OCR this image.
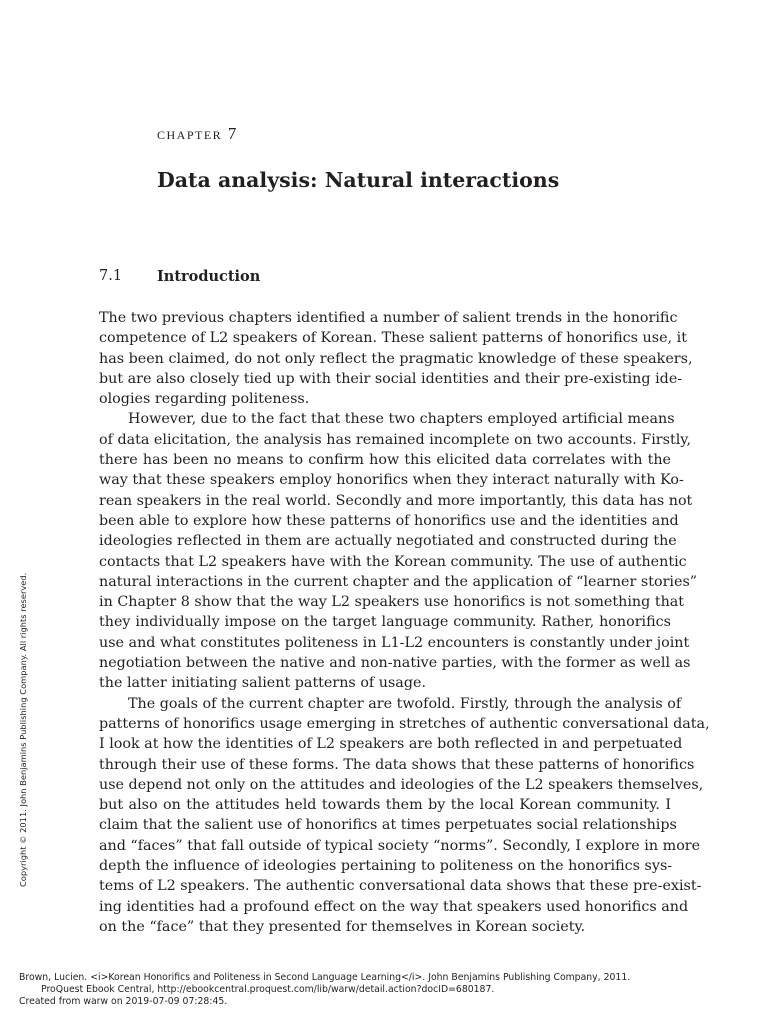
chapter 7
Data analysis: Natural interactions
7.1 Introduction
The two previous chapters identified a number of salient trends in the honorific
competence of L2 speakers of Korean. These salient patterns of honorifics use, it
has been claimed, do not only reflect the pragmatic knowledge of these speakers,
but are also closely tied up with their social identities and their pre-existing ide-
ologies regarding politeness.
However, due to the fact that these two chapters employed artificial means
of data elicitation, the analysis has remained incomplete on two accounts. Firstly,
there has been no means to confirm how this elicited data correlates with the
way that these speakers employ honorifics when they interact naturally with Ko-
rean speakers in the real world. Secondly and more importantly, this data has not
been able to explore how these patterns of honorifics use and the identities and
ideologies reflected in them are actually negotiated and constructed during the
contacts that L2 speakers have with the Korean community. The use of authentic
natural interactions in the current chapter and the application of “learner stories”
in Chapter 8 show that the way L2 speakers use honorifics is not something that
they individually impose on the target language community. Rather, honorifics
use and what constitutes politeness in L1-L2 encounters is constantly under joint
negotiation between the native and non-native parties, with the former as well as
the latter initiating salient patterns of usage.
The goals of the current chapter are twofold. Firstly, through the analysis of
patterns of honorifics usage emerging in stretches of authentic conversational data,
I look at how the identities of L2 speakers are both reflected in and perpetuated
through their use of these forms. The data shows that these patterns of honorifics
use depend not only on the attitudes and ideologies of the L2 speakers themselves,
but also on the attitudes held towards them by the local Korean community. I
claim that the salient use of honorifics at times perpetuates social relationships
and “faces” that fall outside of typical society “norms”. Secondly, I explore in more
depth the influence of ideologies pertaining to politeness on the honorifics sys-
tems of L2 speakers. The authentic conversational data shows that these pre-exist-
ing identities had a profound effect on the way that speakers used honorifics and
on the “face” that they presented for themselves in Korean society.
Copyright © 2011. John Benjamins Publishing Company. All rights reserved.
Brown, Lucien. <i>Korean Honorifics and Politeness in Second Language Learning</i>. John Benjamins Publishing Company, 2011.
ProQuest Ebook Central, http://ebookcentral.proquest.com/lib/warw/detail.action?docID=680187.
Created from warw on 2019-07-09 07:28:45.
